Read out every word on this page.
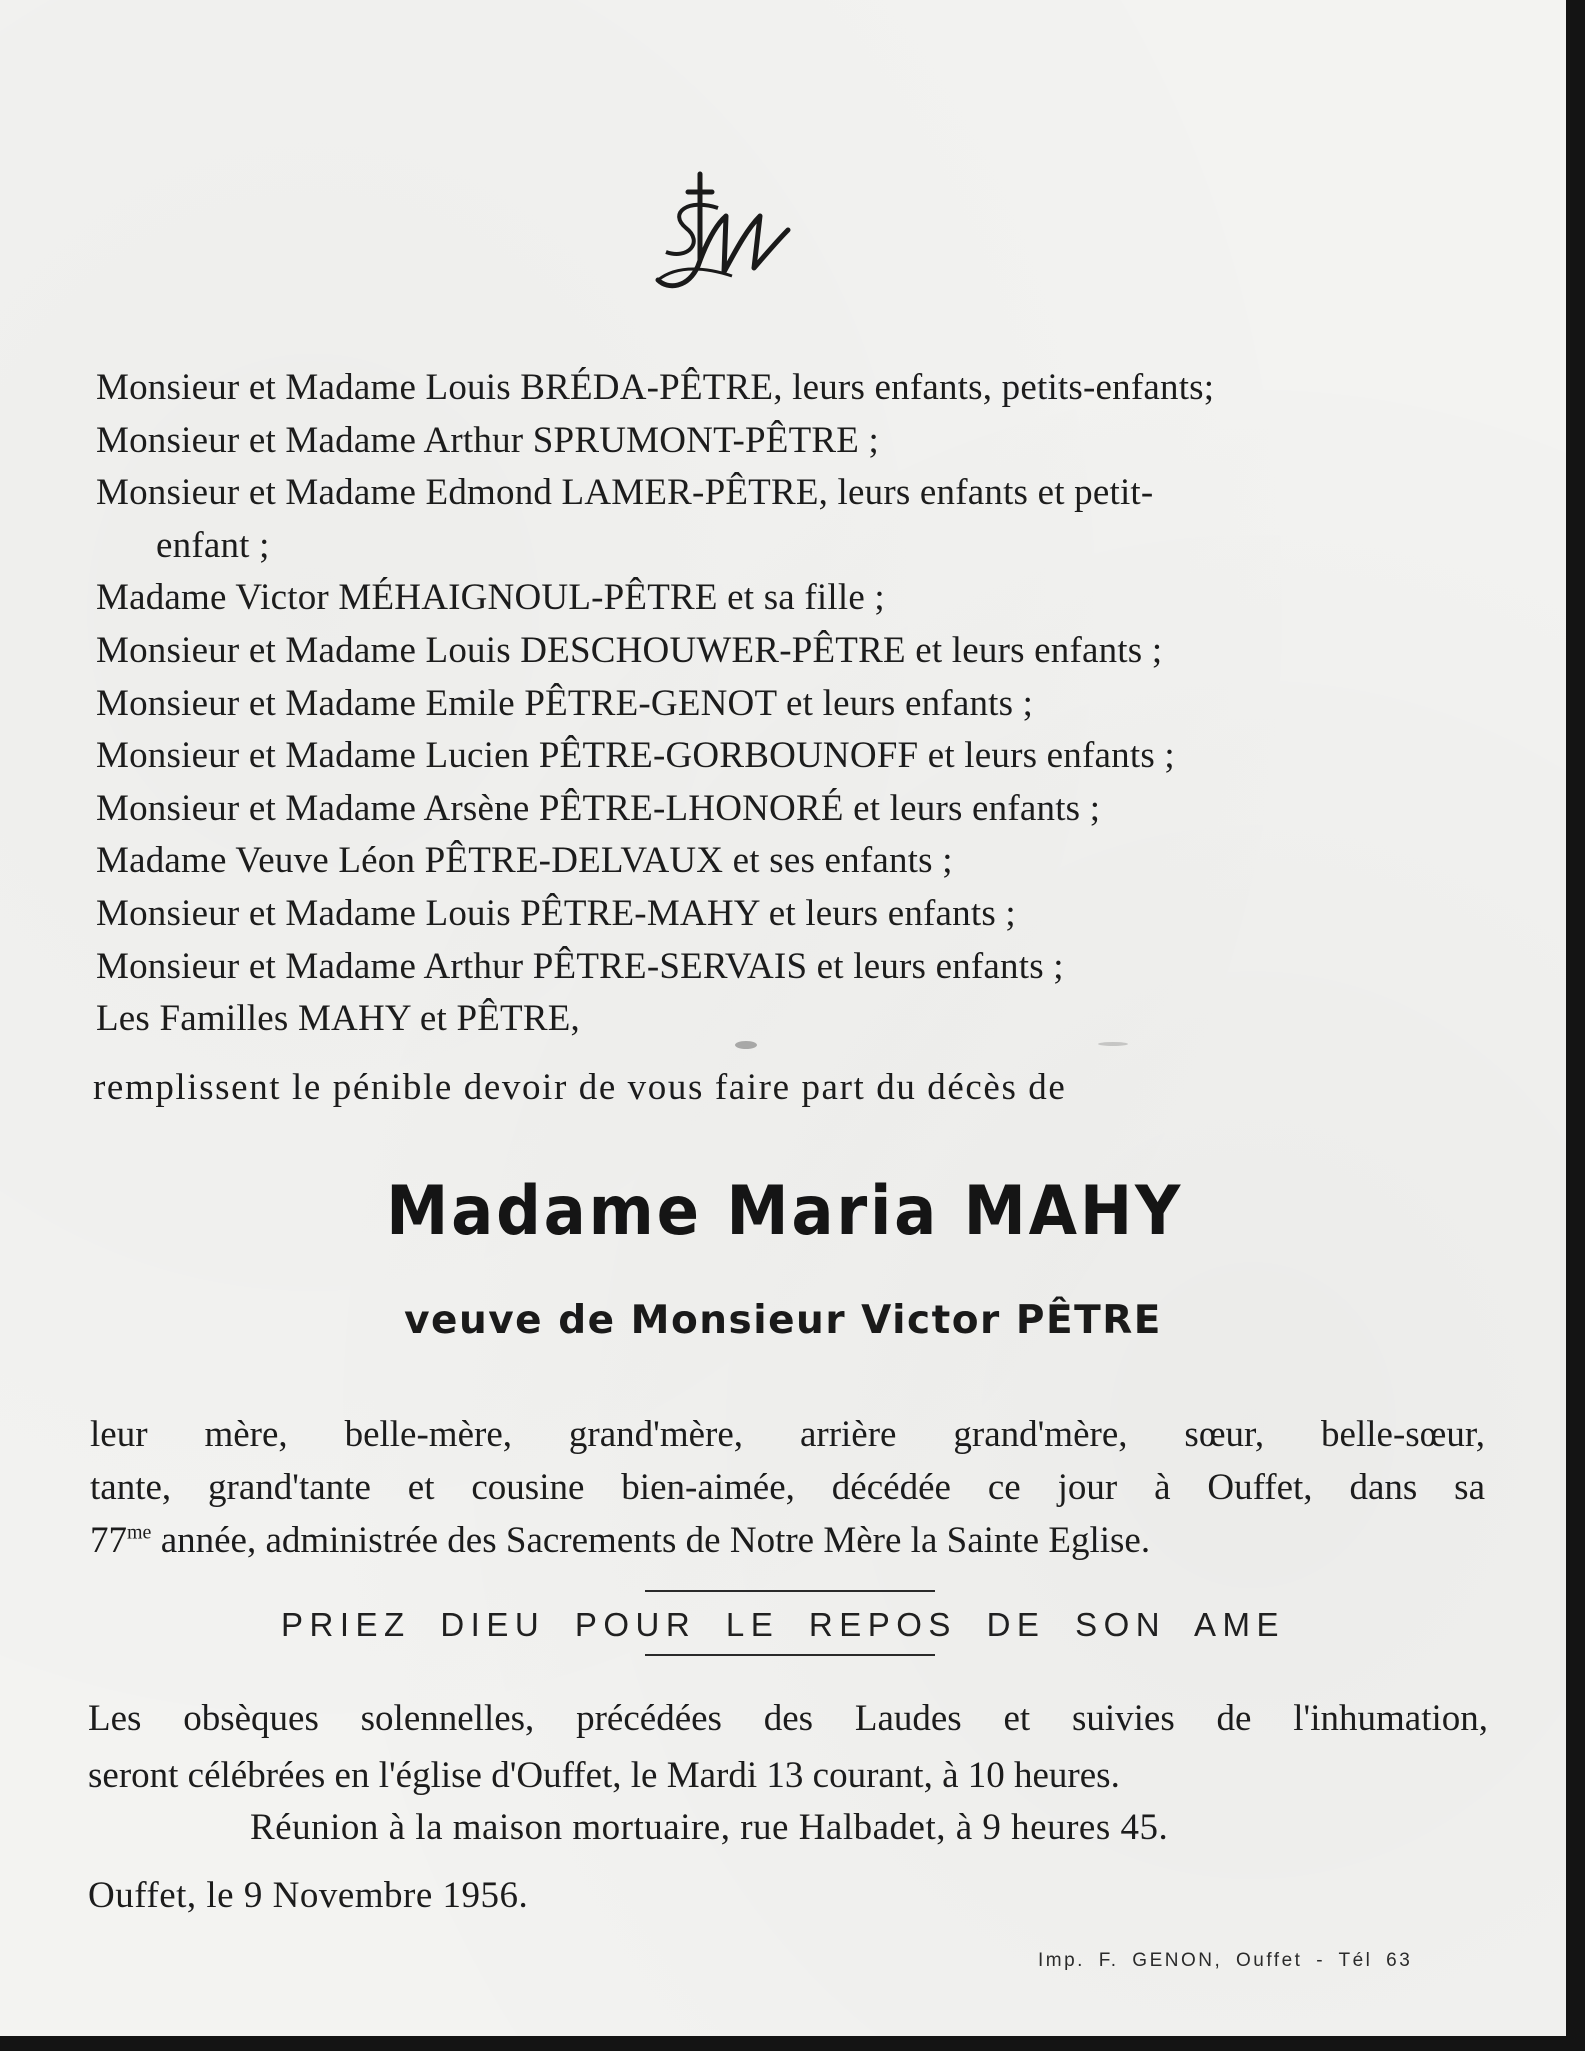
Monsieur et Madame Louis BRÉDA-PÊTRE, leurs enfants, petits-enfants;
Monsieur et Madame Arthur SPRUMONT-PÊTRE ;
Monsieur et Madame Edmond LAMER-PÊTRE, leurs enfants et petit-
enfant ;
Madame Victor MÉHAIGNOUL-PÊTRE et sa fille ;
Monsieur et Madame Louis DESCHOUWER-PÊTRE et leurs enfants ;
Monsieur et Madame Emile PÊTRE-GENOT et leurs enfants ;
Monsieur et Madame Lucien PÊTRE-GORBOUNOFF et leurs enfants ;
Monsieur et Madame Arsène PÊTRE-LHONORÉ et leurs enfants ;
Madame Veuve Léon PÊTRE-DELVAUX et ses enfants ;
Monsieur et Madame Louis PÊTRE-MAHY et leurs enfants ;
Monsieur et Madame Arthur PÊTRE-SERVAIS et leurs enfants ;
Les Familles MAHY et PÊTRE,
remplissent le pénible devoir de vous faire part du décès de
Madame Maria MAHY
veuve de Monsieur Victor PÊTRE

leur mère, belle-mère, grand'mère, arrière grand'mère, sœur, belle-sœur,
tante, grand'tante et cousine bien-aimée, décédée ce jour à Ouffet, dans sa
$77^{me}$ année, administrée des Sacrements de Notre Mère la Sainte Eglise.

PRIEZ DIEU POUR LE REPOS DE SON AME

Les obsèques solennelles, précédées des Laudes et suivies de l'inhumation,
seront célébrées en l'église d'Ouffet, le Mardi 13 courant, à 10 heures.

Réunion à la maison mortuaire, rue Halbadet, à 9 heures 45.
Ouffet, le 9 Novembre 1956.
Imp. F. GENON, Ouffet - Tél 63
